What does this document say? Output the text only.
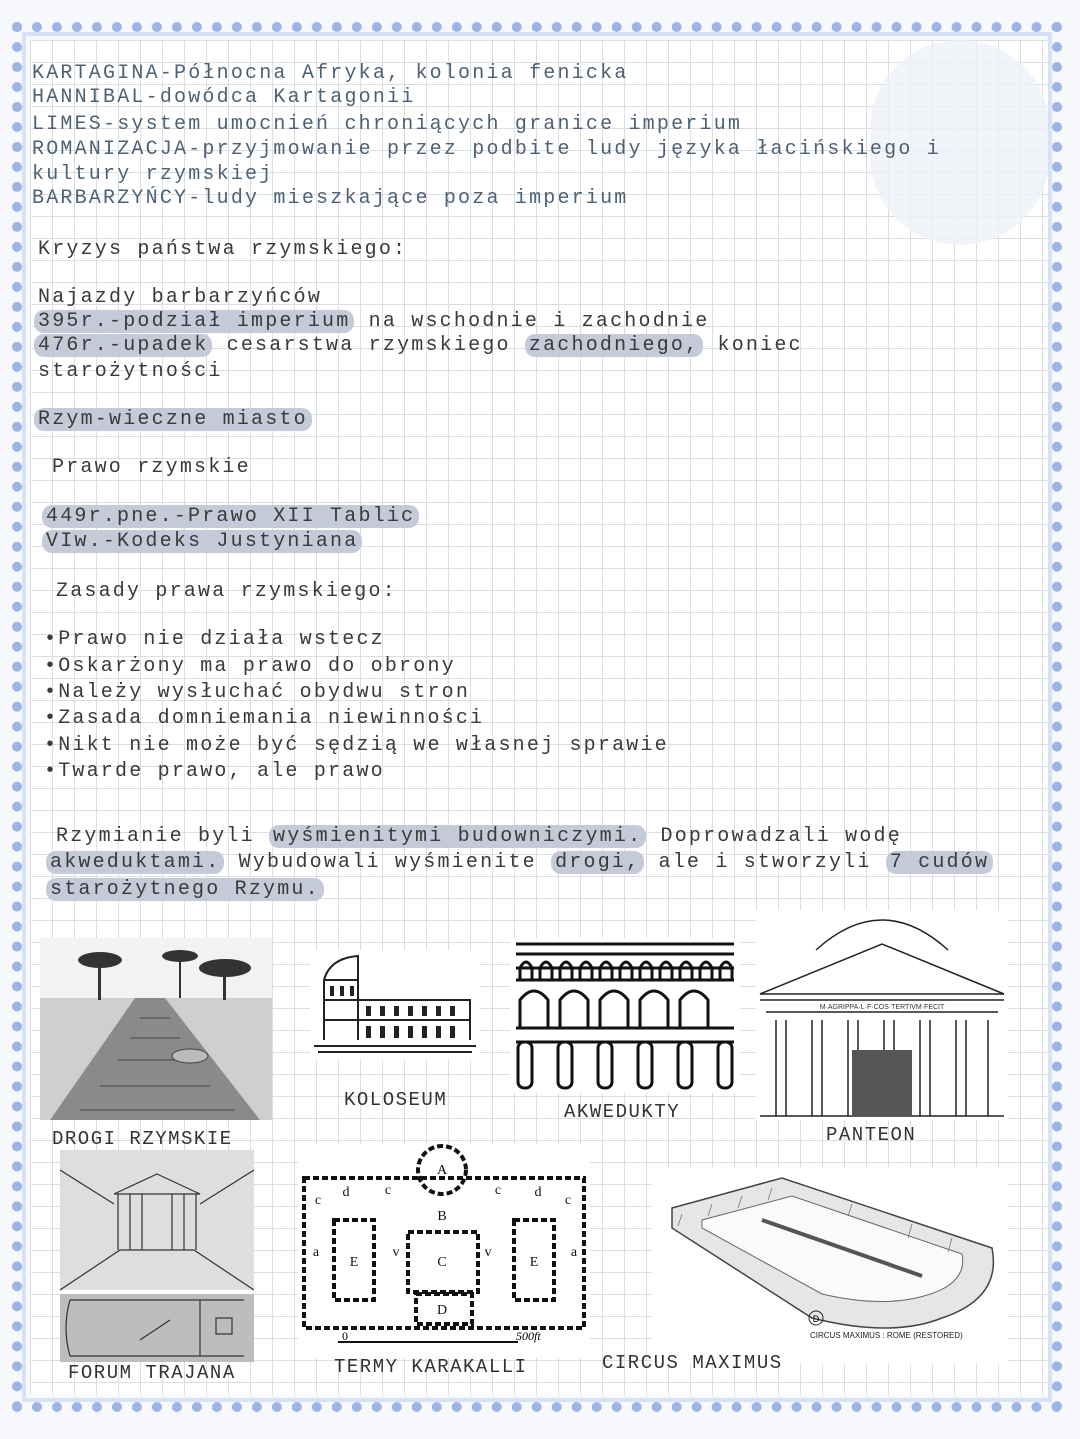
KARTAGINA-Północna Afryka, kolonia fenicka

HANNIBAL-dowódca Kartagonii

LIMES-system umocnień chroniących granice imperium

ROMANIZACJA-przyjmowanie przez podbite ludy języka łacińskiego i

kultury rzymskiej

BARBARZYŃCY-ludy mieszkające poza imperium

Kryzys państwa rzymskiego:

Najazdy barbarzyńców

395r.-podział imperium na wschodnie i zachodnie

476r.-upadek cesarstwa rzymskiego zachodniego, koniec

starożytności

Rzym-wieczne miasto

Prawo rzymskie

449r.pne.-Prawo XII Tablic

VIw.-Kodeks Justyniana

Zasady prawa rzymskiego:

•Prawo nie działa wstecz

•Oskarżony ma prawo do obrony

•Należy wysłuchać obydwu stron

•Zasada domniemania niewinności

•Nikt nie może być sędzią we własnej sprawie

•Twarde prawo, ale prawo

Rzymianie byli wyśmienitymi budowniczymi. Doprowadzali wodę

akweduktami. Wybudowali wyśmienite drogi, ale i stworzyli 7 cudów

starożytnego Rzymu.

DROGI RZYMSKIE
KOLOSEUM
AKWEDUKTY
M·AGRIPPA·L·F·COS·TERTIVM·FECIT
PANTEON
FORUM TRAJANA
A
B
C
D
E	E
c
d	c	c d
c
a	a
v	v
0	500ft
TERMY KARAKALLI
D
CIRCUS MAXIMUS : ROME (RESTORED)
CIRCUS MAXIMUS
